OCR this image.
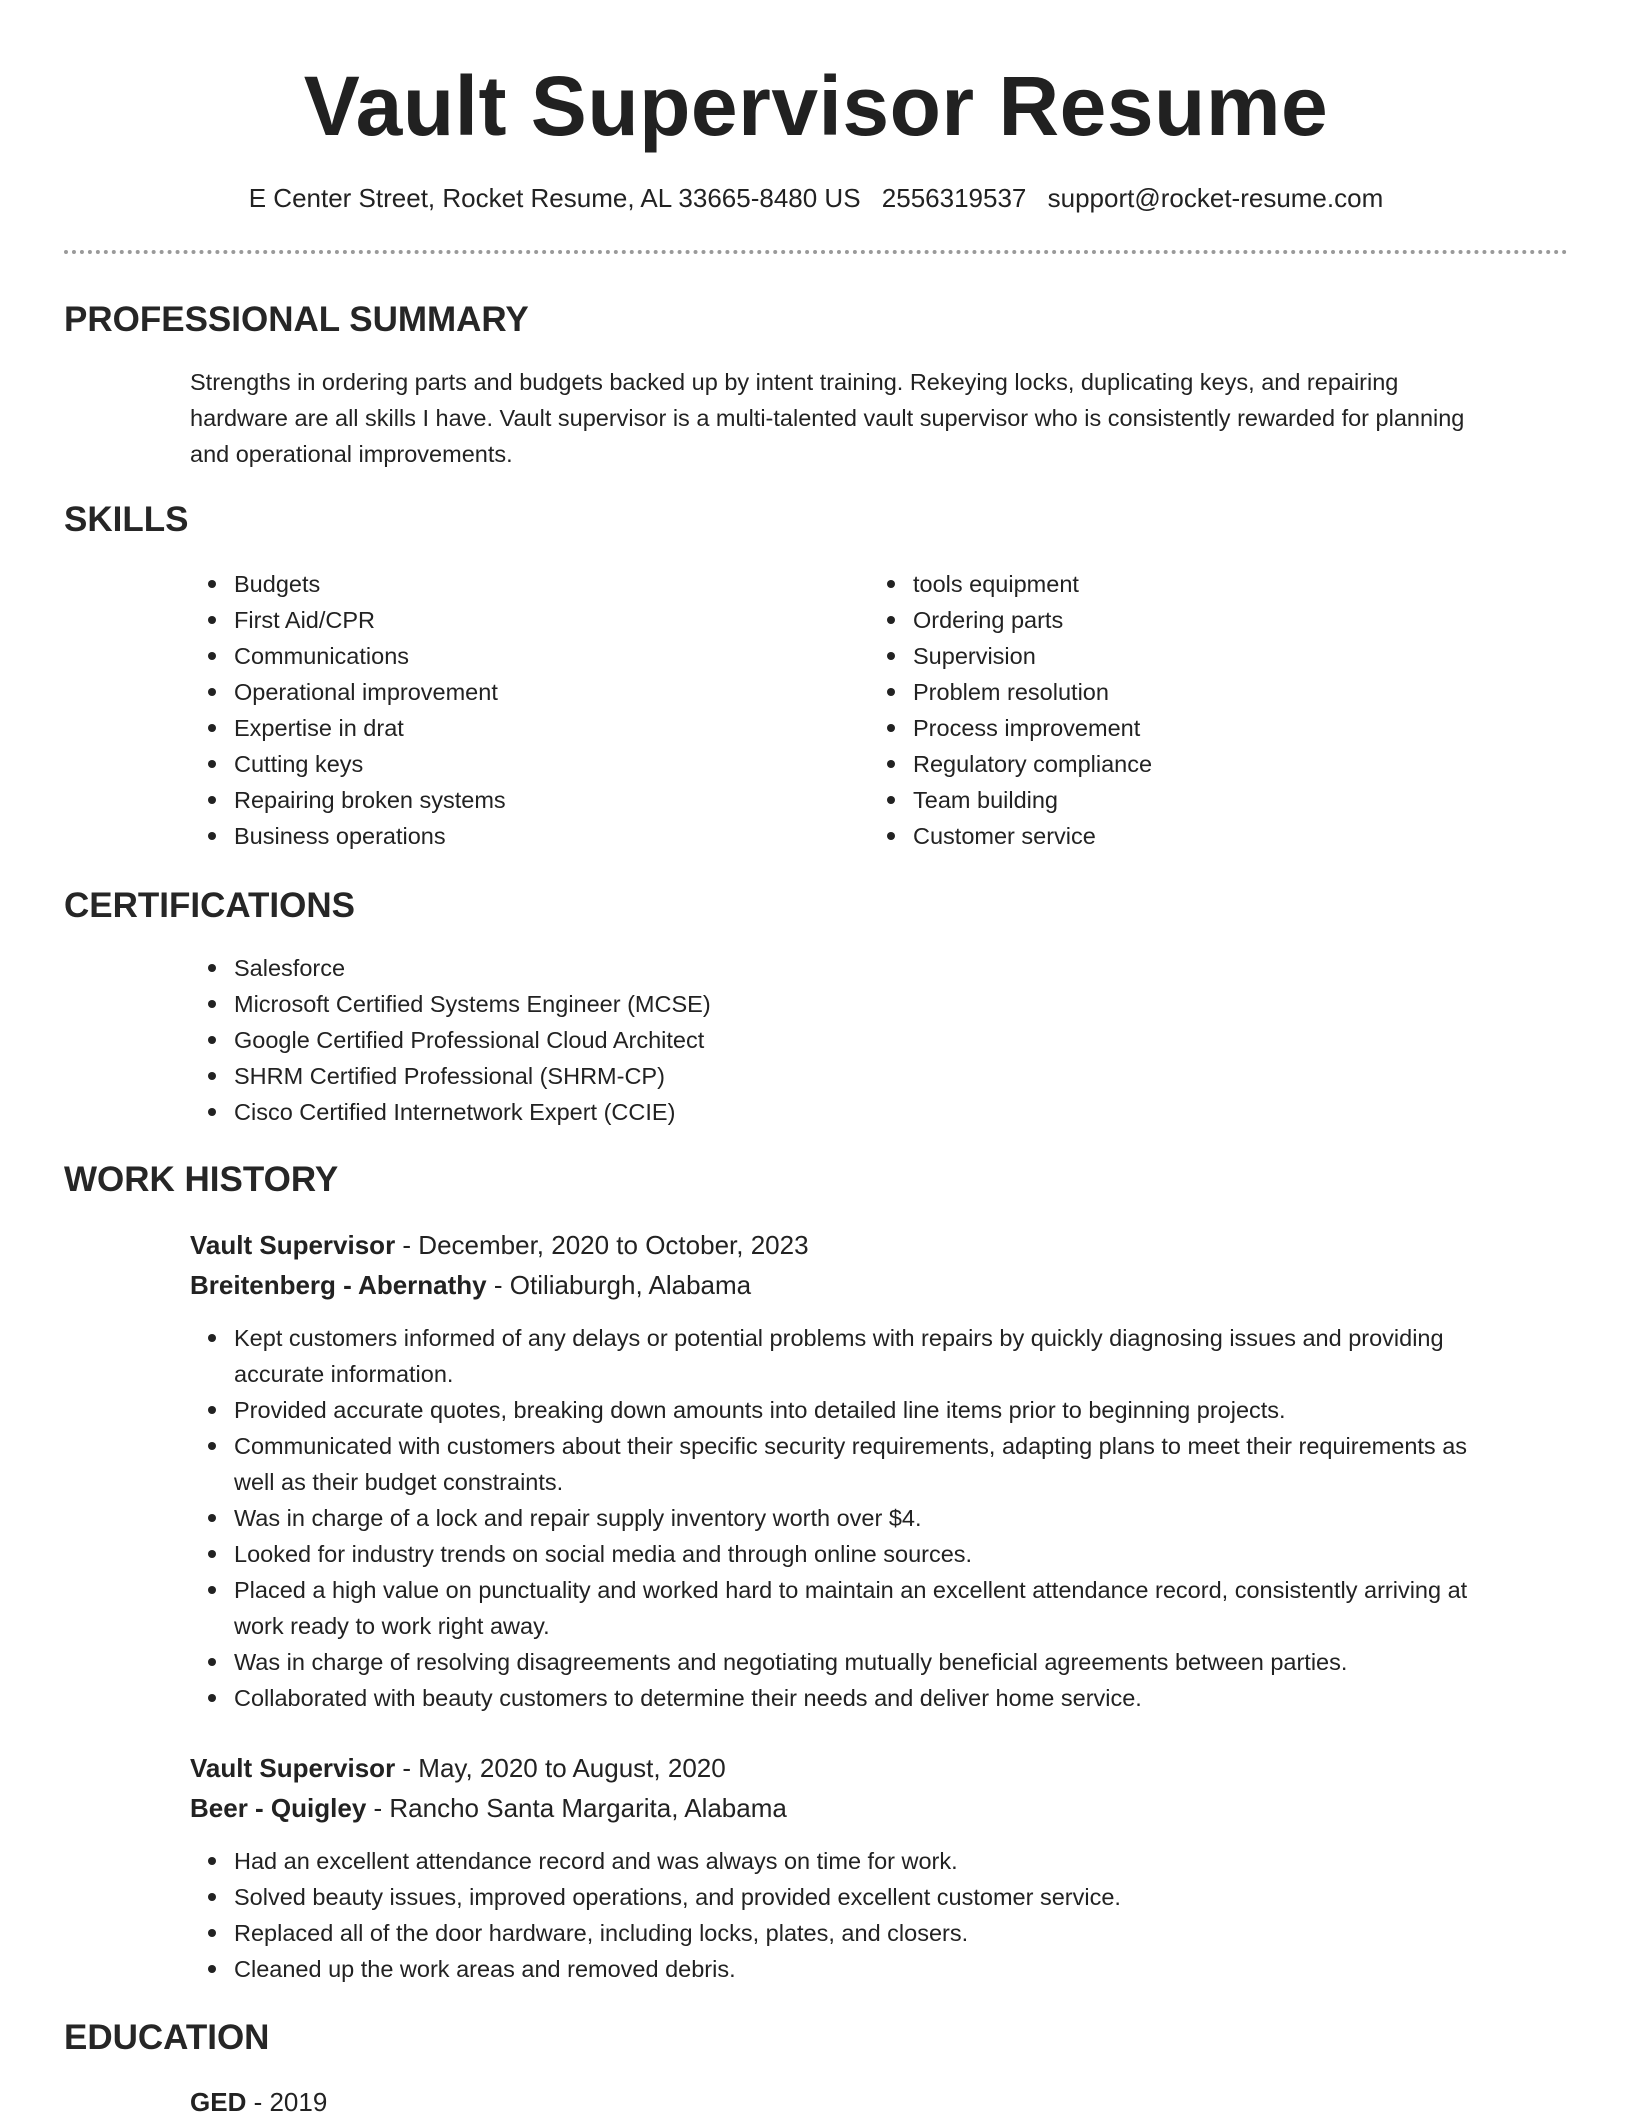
Vault Supervisor Resume
E Center Street, Rocket Resume, AL 33665-8480 US 2556319537 support@rocket-resume.com
PROFESSIONAL SUMMARY
Strengths in ordering parts and budgets backed up by intent training. Rekeying locks, duplicating keys, and repairing
hardware are all skills I have. Vault supervisor is a multi-talented vault supervisor who is consistently rewarded for planning
and operational improvements.
SKILLS
Budgets
First Aid/CPR
Communications
Operational improvement
Expertise in drat
Cutting keys
Repairing broken systems
Business operations
tools equipment
Ordering parts
Supervision
Problem resolution
Process improvement
Regulatory compliance
Team building
Customer service
CERTIFICATIONS
Salesforce
Microsoft Certified Systems Engineer (MCSE)
Google Certified Professional Cloud Architect
SHRM Certified Professional (SHRM-CP)
Cisco Certified Internetwork Expert (CCIE)
WORK HISTORY
Vault Supervisor - December, 2020 to October, 2023
Breitenberg - Abernathy - Otiliaburgh, Alabama
Kept customers informed of any delays or potential problems with repairs by quickly diagnosing issues and providing
accurate information.
Provided accurate quotes, breaking down amounts into detailed line items prior to beginning projects.
Communicated with customers about their specific security requirements, adapting plans to meet their requirements as
well as their budget constraints.
Was in charge of a lock and repair supply inventory worth over $4.
Looked for industry trends on social media and through online sources.
Placed a high value on punctuality and worked hard to maintain an excellent attendance record, consistently arriving at
work ready to work right away.
Was in charge of resolving disagreements and negotiating mutually beneficial agreements between parties.
Collaborated with beauty customers to determine their needs and deliver home service.
Vault Supervisor - May, 2020 to August, 2020
Beer - Quigley - Rancho Santa Margarita, Alabama
Had an excellent attendance record and was always on time for work.
Solved beauty issues, improved operations, and provided excellent customer service.
Replaced all of the door hardware, including locks, plates, and closers.
Cleaned up the work areas and removed debris.
EDUCATION
GED - 2019
